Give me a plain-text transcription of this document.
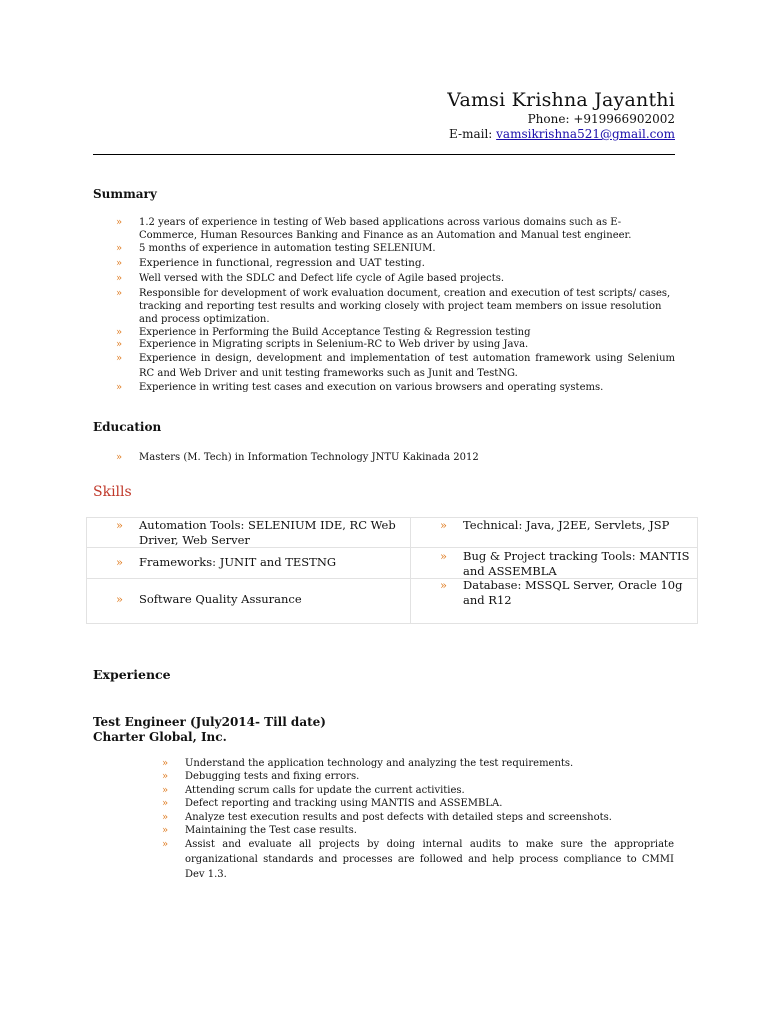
Vamsi Krishna Jayanthi
Phone: +919966902002
E-mail: vamsikrishna521@gmail.com
Summary
» 1.2 years of experience in testing of Web based applications across various domains such as E-Commerce, Human Resources Banking and Finance as an Automation and Manual test engineer.
» 5 months of experience in automation testing SELENIUM.
» Experience in functional, regression and UAT testing.
» Well versed with the SDLC and Defect life cycle of Agile based projects.
» Responsible for development of work evaluation document, creation and execution of test scripts/ cases, tracking and reporting test results and working closely with project team members on issue resolution and process optimization.
» Experience in Performing the Build Acceptance Testing & Regression testing
» Experience in Migrating scripts in Selenium-RC to Web driver by using Java.
» Experience in design, development and implementation of test automation framework using Selenium RC and Web Driver and unit testing frameworks such as Junit and TestNG.
» Experience in writing test cases and execution on various browsers and operating systems.
Education
» Masters (M. Tech) in Information Technology JNTU Kakinada 2012
Skills
» Automation Tools: SELENIUM IDE, RC Web Driver, Web Server
» Frameworks: JUNIT and TESTNG
» Software Quality Assurance
» Technical: Java, J2EE, Servlets, JSP
» Bug & Project tracking Tools: MANTIS and ASSEMBLA
» Database: MSSQL Server, Oracle 10g and R12
Experience
Test Engineer (July2014- Till date)
Charter Global, Inc.
» Understand the application technology and analyzing the test requirements.
» Debugging tests and fixing errors.
» Attending scrum calls for update the current activities.
» Defect reporting and tracking using MANTIS and ASSEMBLA.
» Analyze test execution results and post defects with detailed steps and screenshots.
» Maintaining the Test case results.
» Assist and evaluate all projects by doing internal audits to make sure the appropriate organizational standards and processes are followed and help process compliance to CMMI Dev 1.3.
